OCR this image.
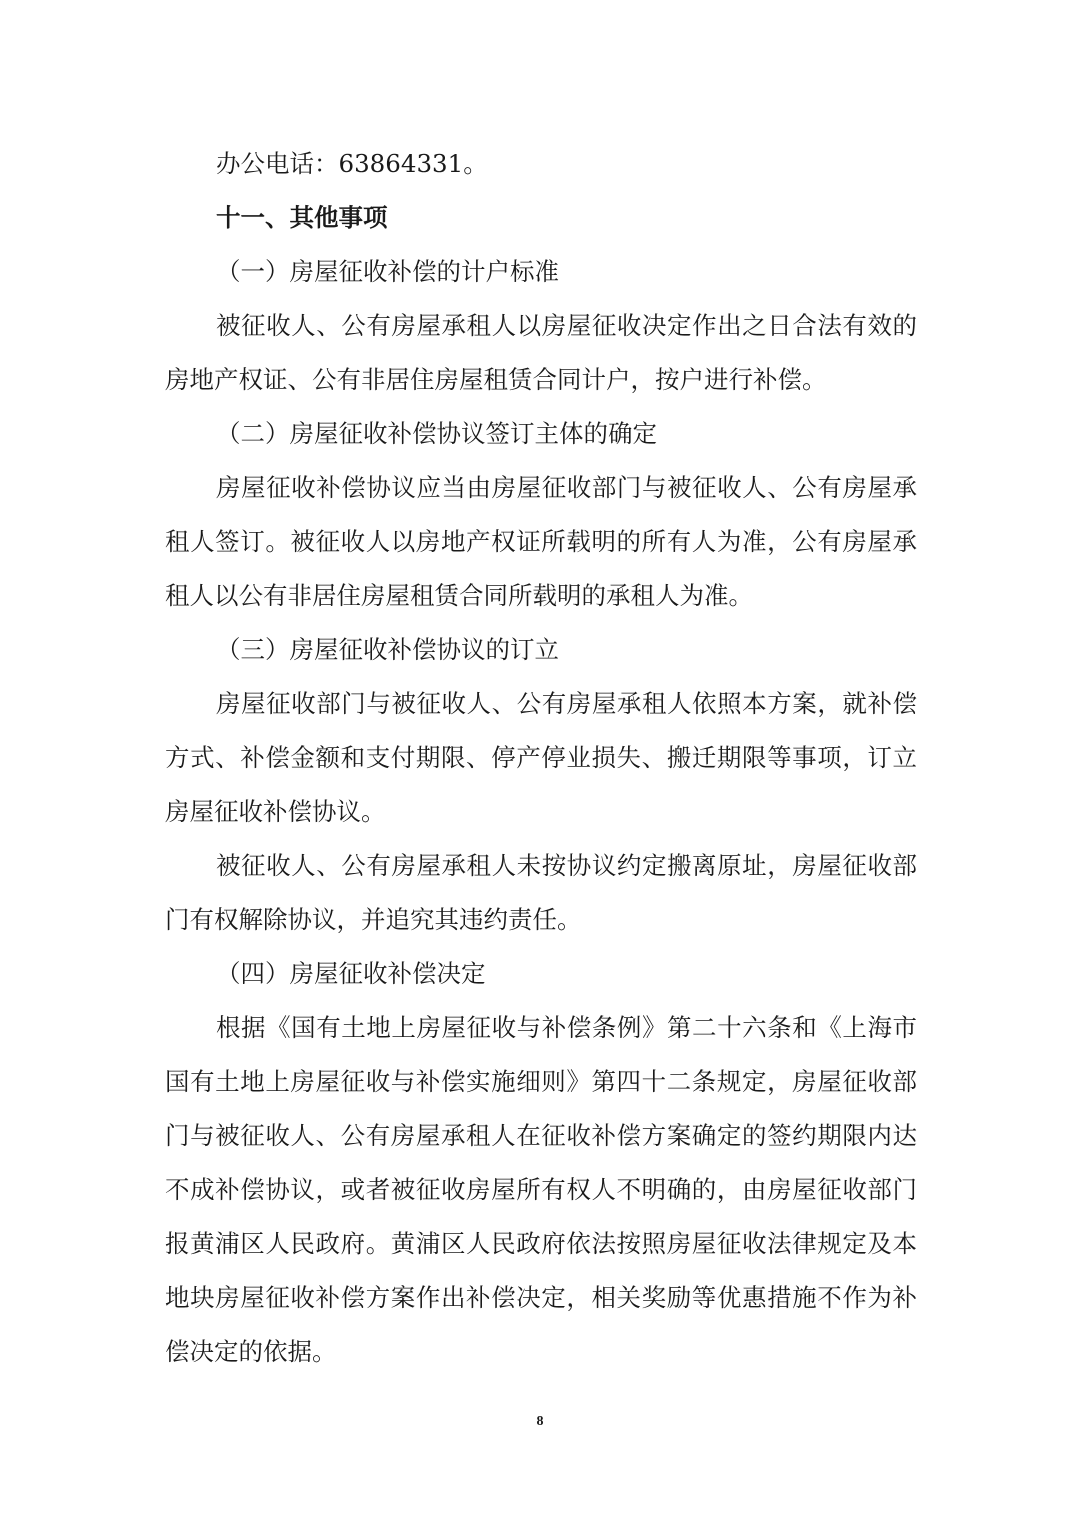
办公电话：63864331。
十一、其他事项
（一）房屋征收补偿的计户标准
被征收人、公有房屋承租人以房屋征收决定作出之日合法有效的
房地产权证、公有非居住房屋租赁合同计户，按户进行补偿。
（二）房屋征收补偿协议签订主体的确定
房屋征收补偿协议应当由房屋征收部门与被征收人、公有房屋承
租人签订。被征收人以房地产权证所载明的所有人为准，公有房屋承
租人以公有非居住房屋租赁合同所载明的承租人为准。
（三）房屋征收补偿协议的订立
房屋征收部门与被征收人、公有房屋承租人依照本方案，就补偿
方式、补偿金额和支付期限、停产停业损失、搬迁期限等事项，订立
房屋征收补偿协议。
被征收人、公有房屋承租人未按协议约定搬离原址，房屋征收部
门有权解除协议，并追究其违约责任。
（四）房屋征收补偿决定
根据《国有土地上房屋征收与补偿条例》第二十六条和《上海市
国有土地上房屋征收与补偿实施细则》第四十二条规定，房屋征收部
门与被征收人、公有房屋承租人在征收补偿方案确定的签约期限内达
不成补偿协议，或者被征收房屋所有权人不明确的，由房屋征收部门
报黄浦区人民政府。黄浦区人民政府依法按照房屋征收法律规定及本
地块房屋征收补偿方案作出补偿决定，相关奖励等优惠措施不作为补
偿决定的依据。
8
